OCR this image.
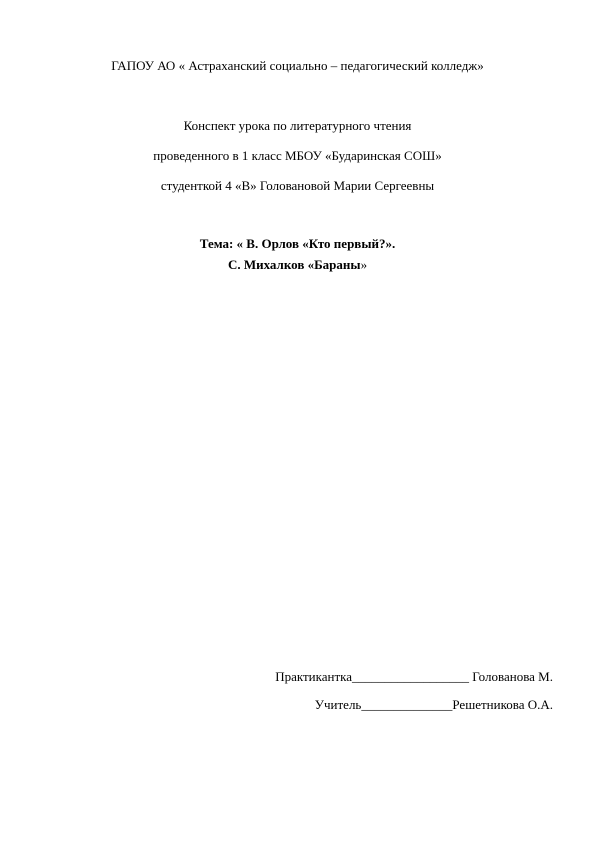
ГАПОУ АО « Астраханский социально – педагогический колледж»
Конспект урока по литературного чтения
проведенного в 1 класс МБОУ «Бударинская СОШ»
студенткой 4 «В» Головановой Марии Сергеевны
Тема: « В. Орлов «Кто первый?».
С. Михалков «Бараны»
Практикантка__________________ Голованова М.
Учитель______________Решетникова О.А.
